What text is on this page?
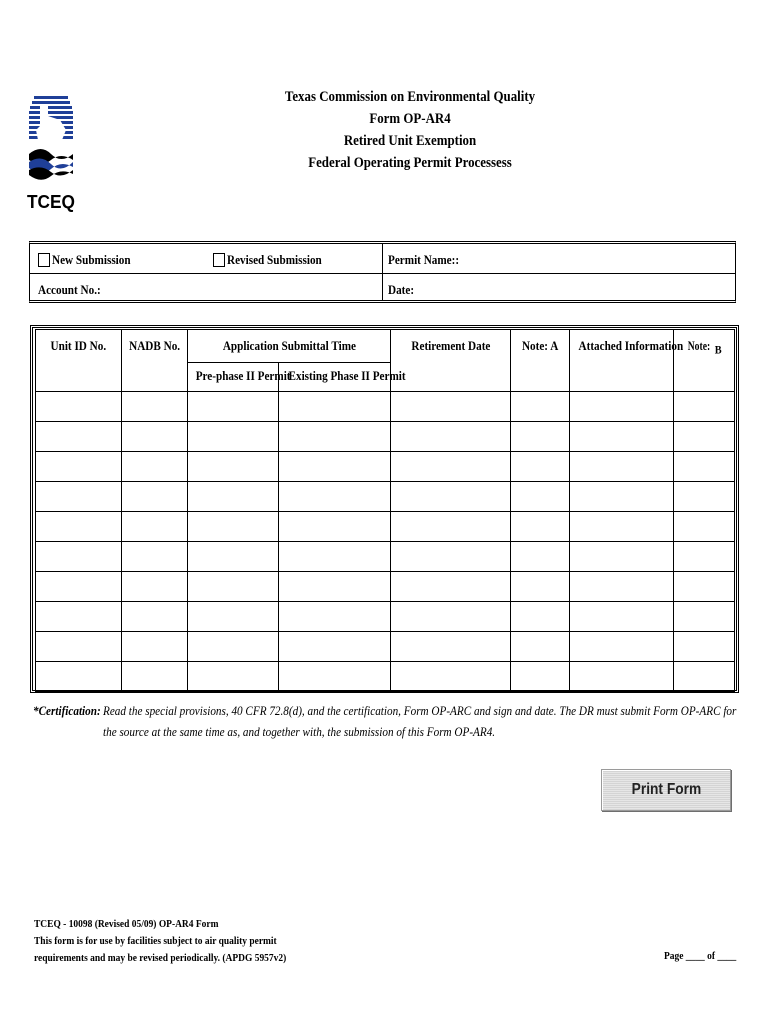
TCEQ
Texas Commission on Environmental Quality
Form OP-AR4
Retired Unit Exemption
Federal Operating Permit Processess
New Submission	Revised Submission	Permit Name::
Account No.:	Date:
Unit ID No.	NADB No.	Application Submittal Time		Retirement Date	Note: A	Attached Information	Note: $_B$
		Pre-phase II Permit	Existing Phase II Permit				

*Certification: Read the special provisions, 40 CFR 72.8(d), and the certification, Form OP-ARC and sign and date. The DR must submit Form OP-ARC for the source at the same time as, and together with, the submission of this Form OP-AR4.
Print Form
TCEQ - 10098 (Revised 05/09) OP-AR4 Form
This form is for use by facilities subject to air quality permit
requirements and may be revised periodically. (APDG 5957v2)	Page ____ of ____
